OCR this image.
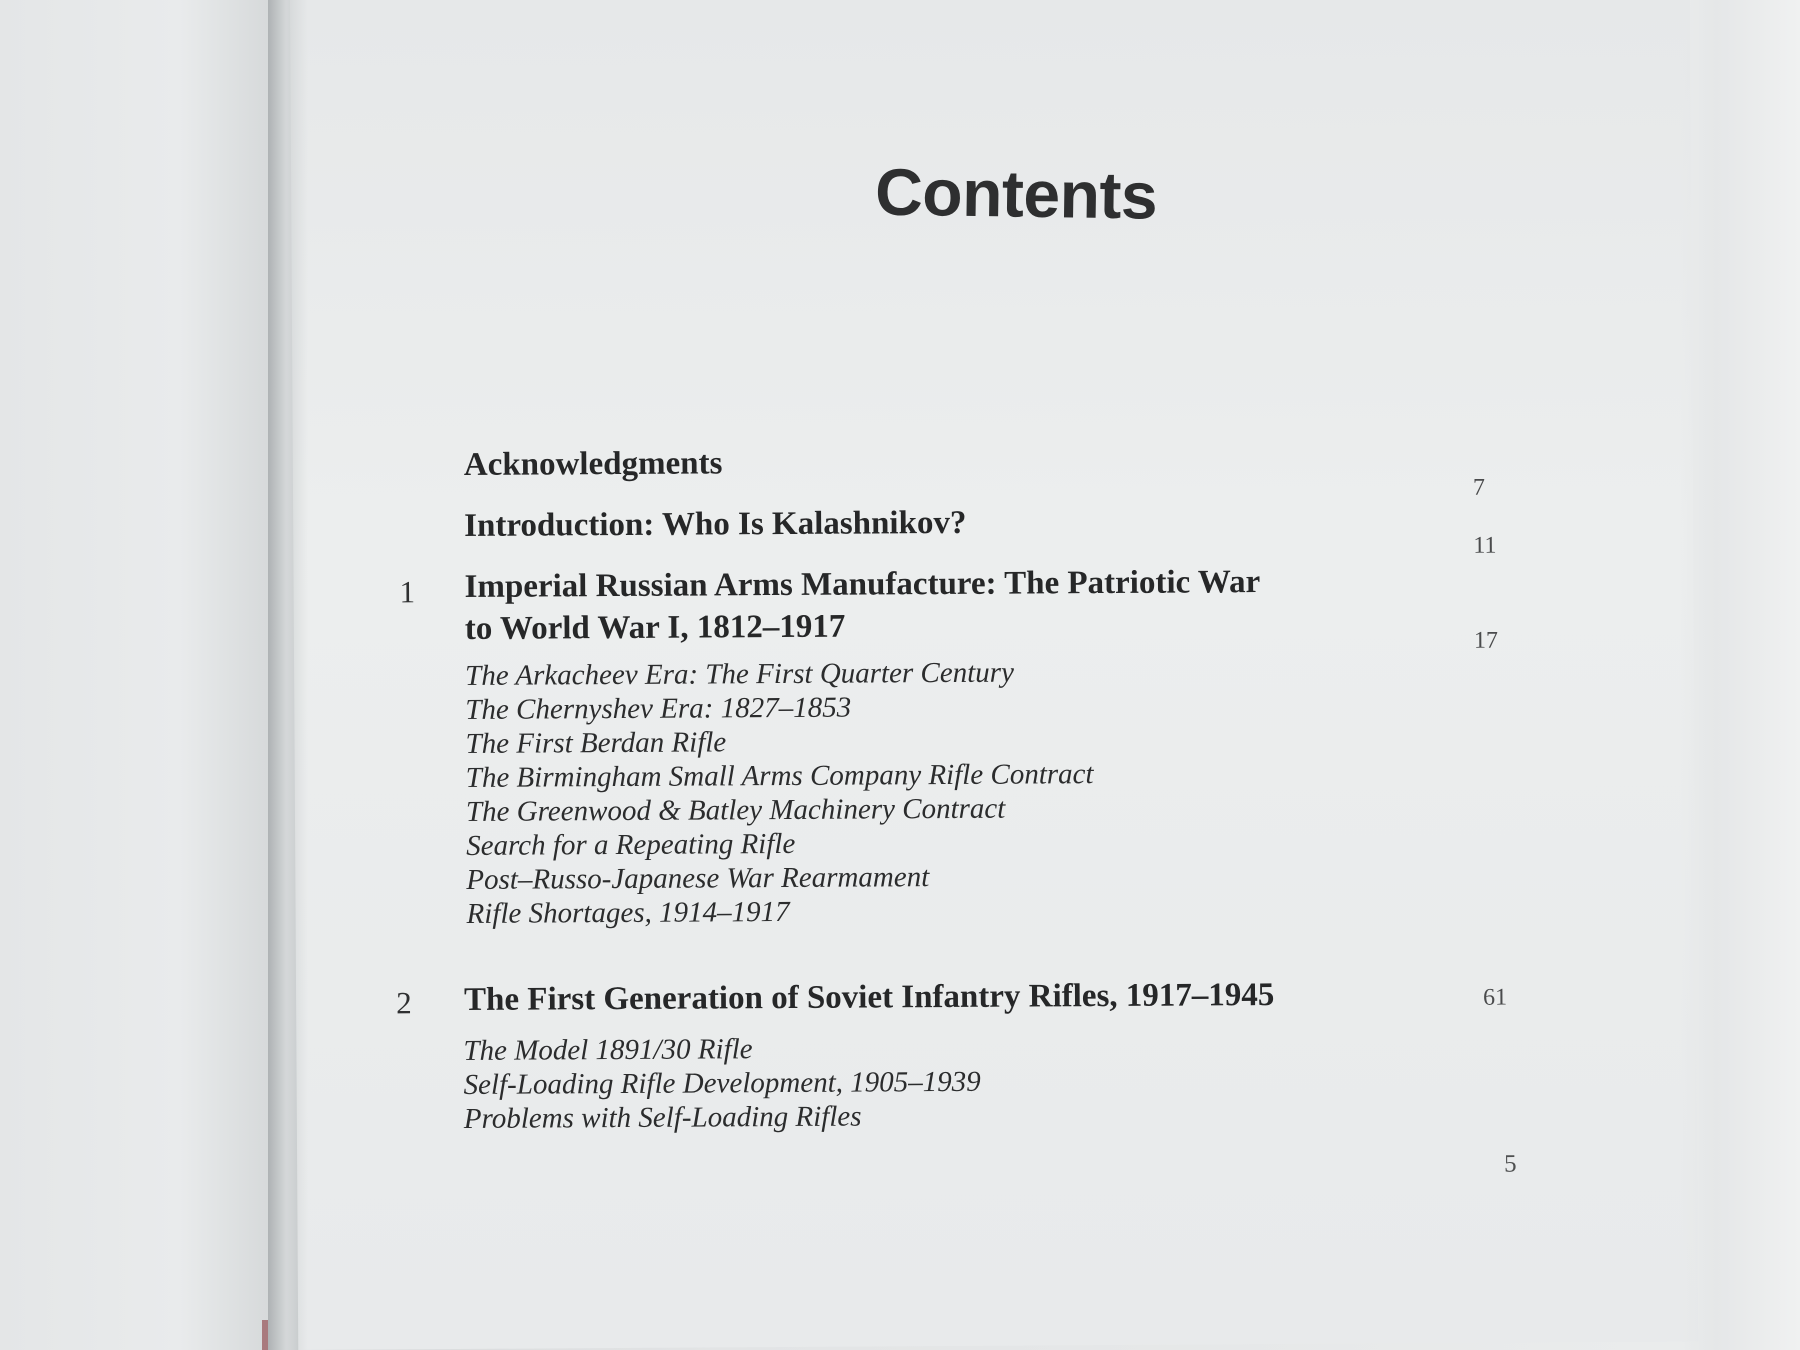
Contents
Acknowledgments
7
Introduction: Who Is Kalashnikov?
11
1 Imperial Russian Arms Manufacture: The Patriotic War
to World War I, 1812–1917	17
The Arkacheev Era: The First Quarter Century
The Chernyshev Era: 1827–1853
The First Berdan Rifle
The Birmingham Small Arms Company Rifle Contract
The Greenwood & Batley Machinery Contract
Search for a Repeating Rifle
Post–Russo-Japanese War Rearmament
Rifle Shortages, 1914–1917
2 The First Generation of Soviet Infantry Rifles, 1917–1945	61
The Model 1891/30 Rifle
Self-Loading Rifle Development, 1905–1939
Problems with Self-Loading Rifles
5
